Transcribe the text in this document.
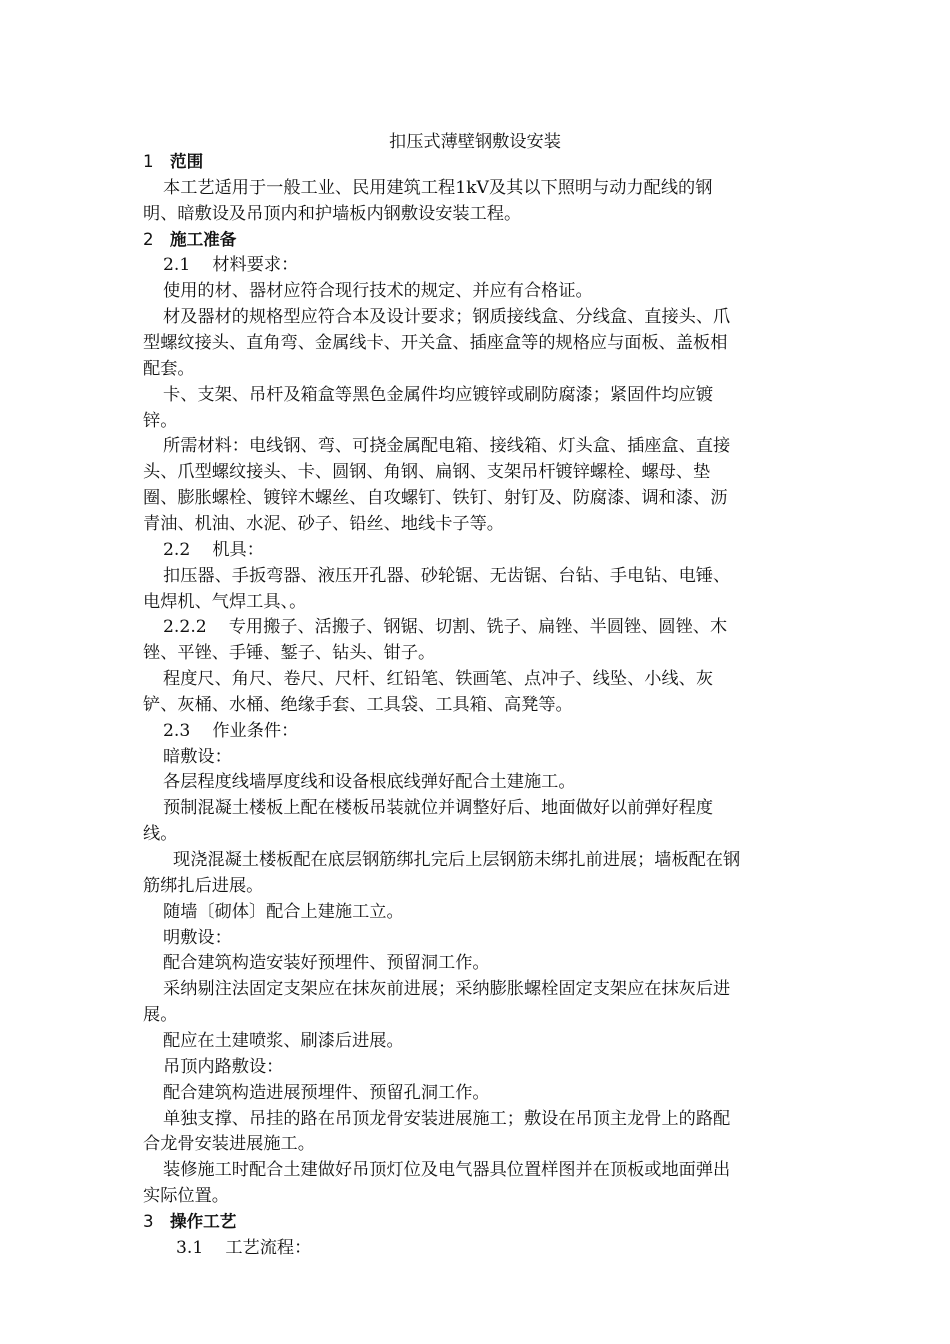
扣压式薄壁钢敷设安装
1 范围
本工艺适用于一般工业、民用建筑工程1kV及其以下照明与动力配线的钢
明、暗敷设及吊顶内和护墙板内钢敷设安装工程。
2 施工准备
2.1 材料要求：
使用的材、器材应符合现行技术的规定、并应有合格证。
材及器材的规格型应符合本及设计要求；钢质接线盒、分线盒、直接头、爪
型螺纹接头、直角弯、金属线卡、开关盒、插座盒等的规格应与面板、盖板相
配套。
卡、支架、吊杆及箱盒等黑色金属件均应镀锌或刷防腐漆；紧固件均应镀
锌。
所需材料：电线钢、弯、可挠金属配电箱、接线箱、灯头盒、插座盒、直接
头、爪型螺纹接头、卡、圆钢、角钢、扁钢、支架吊杆镀锌螺栓、螺母、垫
圈、膨胀螺栓、镀锌木螺丝、自攻螺钉、铁钉、射钉及、防腐漆、调和漆、沥
青油、机油、水泥、砂子、铅丝、地线卡子等。
2.2 机具：
扣压器、手扳弯器、液压开孔器、砂轮锯、无齿锯、台钻、手电钻、电锤、
电焊机、气焊工具、。
2.2.2 专用搬子、活搬子、钢锯、切割、铣子、扁锉、半圆锉、圆锉、木
锉、平锉、手锤、錾子、钻头、钳子。
程度尺、角尺、卷尺、尺杆、红铅笔、铁画笔、点冲子、线坠、小线、灰
铲、灰桶、水桶、绝缘手套、工具袋、工具箱、高凳等。
2.3 作业条件：
暗敷设：
各层程度线墙厚度线和设备根底线弹好配合土建施工。
预制混凝土楼板上配在楼板吊装就位并调整好后、地面做好以前弹好程度
线。
现浇混凝土楼板配在底层钢筋绑扎完后上层钢筋未绑扎前进展；墙板配在钢
筋绑扎后进展。
随墙〔砌体〕配合上建施工立。
明敷设：
配合建筑构造安装好预埋件、预留洞工作。
采纳剔注法固定支架应在抹灰前进展；采纳膨胀螺栓固定支架应在抹灰后进
展。
配应在土建喷浆、刷漆后进展。
吊顶内路敷设：
配合建筑构造进展预埋件、预留孔洞工作。
单独支撑、吊挂的路在吊顶龙骨安装进展施工；敷设在吊顶主龙骨上的路配
合龙骨安装进展施工。
装修施工时配合土建做好吊顶灯位及电气器具位置样图并在顶板或地面弹出
实际位置。
3 操作工艺
3.1 工艺流程：
